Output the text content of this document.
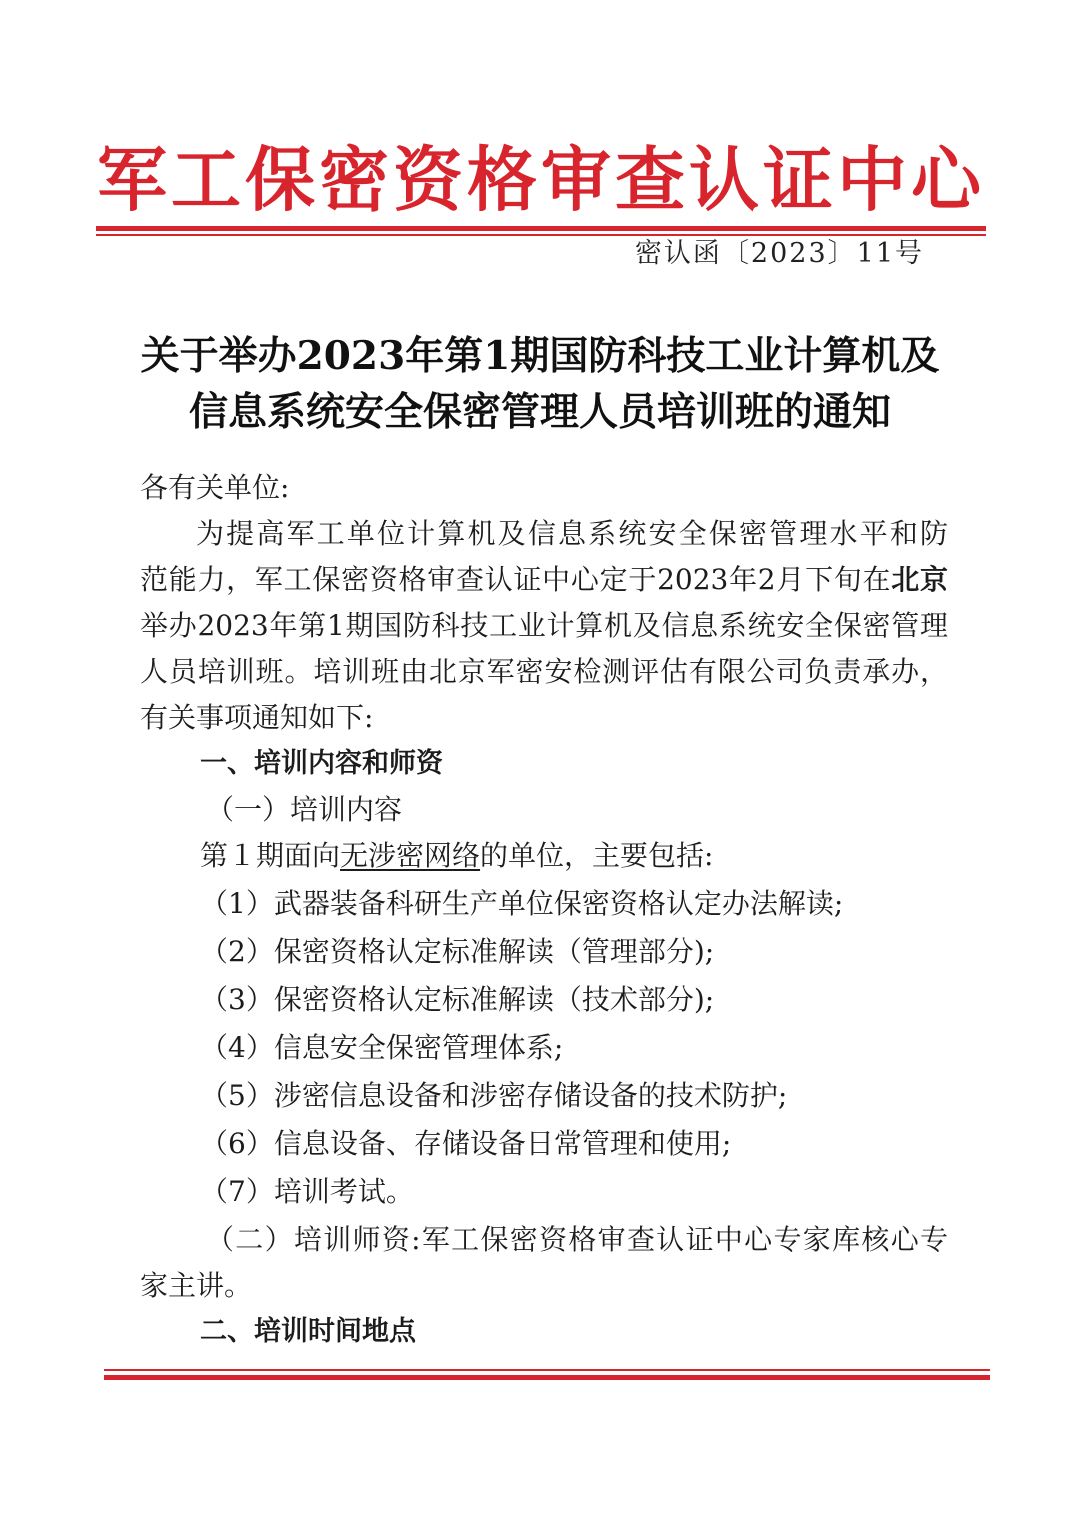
军工保密资格审查认证中心
密认函〔2023〕11号
关于举办2023年第1期国防科技工业计算机及
信息系统安全保密管理人员培训班的通知
各有关单位:
为提高军工单位计算机及信息系统安全保密管理水平和防
范能力，军工保密资格审查认证中心定于2023年2月下旬在北京
举办2023年第1期国防科技工业计算机及信息系统安全保密管理
人员培训班。培训班由北京军密安检测评估有限公司负责承办，
有关事项通知如下:
一、培训内容和师资
（一）培训内容
第１期面向无涉密网络的单位，主要包括:
（1）武器装备科研生产单位保密资格认定办法解读;
（2）保密资格认定标准解读（管理部分);
（3）保密资格认定标准解读（技术部分);
（4）信息安全保密管理体系;
（5）涉密信息设备和涉密存储设备的技术防护;
（6）信息设备、存储设备日常管理和使用;
（7）培训考试。
（二）培训师资:军工保密资格审查认证中心专家库核心专
家主讲。
二、培训时间地点
